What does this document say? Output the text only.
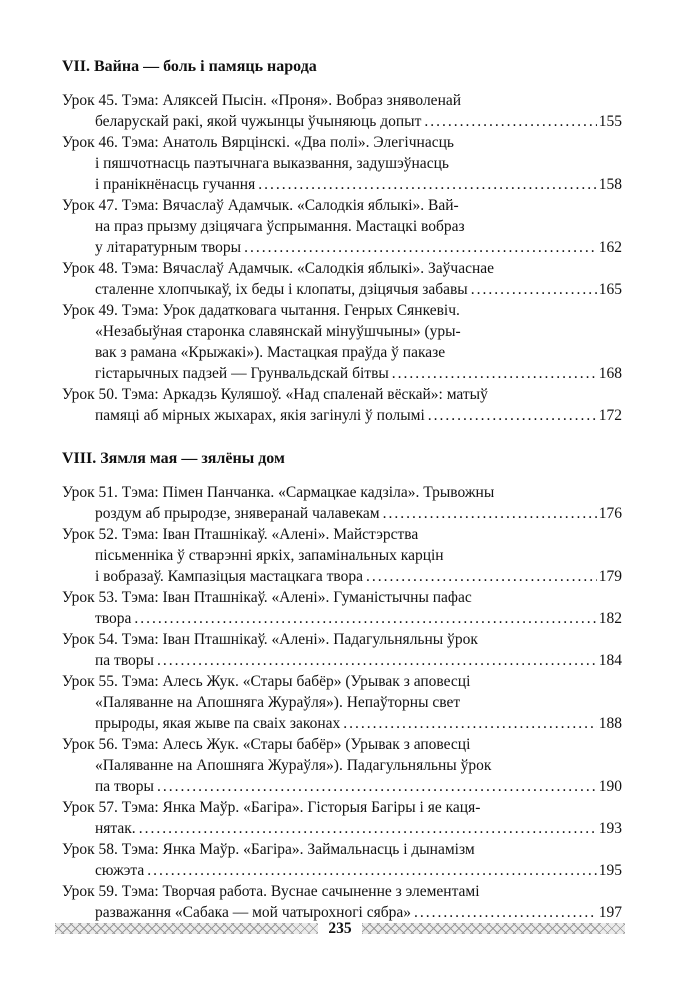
VII. Вайна — боль і памяць народа
Урок 45. Тэма: Аляксей Пысін. «Проня». Вобраз зняволенай
беларускай ракі, якой чужынцы ўчыняюць допыт .....	155
Урок 46. Тэма: Анатоль Вярцінскі. «Два полі». Элегічнасць
і пяшчотнасць паэтычнага выказвання, задушэўнасць
і пранікнёнасць гучання .....	158
Урок 47. Тэма: Вячаслаў Адамчык. «Салодкія яблыкі». Вай-
на праз прызму дзіцячага ўспрымання. Мастацкі вобраз
у літаратурным творы .....	162
Урок 48. Тэма: Вячаслаў Адамчык. «Салодкія яблыкі». Заўчаснае
сталенне хлопчыкаў, іх беды і клопаты, дзіцячыя забавы .....	165
Урок 49. Тэма: Урок дадатковага чытання. Генрых Сянкевіч.
«Незабыўная старонка славянскай мінуўшчыны» (уры-
вак з рамана «Крыжакі»). Мастацкая праўда ў паказе
гістарычных падзей — Грунвальдскай бітвы .....	168
Урок 50. Тэма: Аркадзь Куляшоў. «Над спаленай вёскай»: матыў
памяці аб мірных жыхарах, якія загінулі ў полымі .....	172
VIII. Зямля мая — зялёны дом
Урок 51. Тэма: Пімен Панчанка. «Сармацкае кадзіла». Трывожны
роздум аб прыродзе, зняверанай чалавекам .....	176
Урок 52. Тэма: Іван Пташнікаў. «Алені». Майстэрства
пісьменніка ў стварэнні яркіх, запамінальных карцін
і вобразаў. Кампазіцыя мастацкага твора .....	179
Урок 53. Тэма: Іван Пташнікаў. «Алені». Гуманістычны пафас
твора .....	182
Урок 54. Тэма: Іван Пташнікаў. «Алені». Падагульняльны ўрок
па творы .....	184
Урок 55. Тэма: Алесь Жук. «Стары бабёр» (Урывак з аповесці
«Паляванне на Апошняга Жураўля»). Непаўторны свет
прыроды, якая жыве па сваіх законах .....	188
Урок 56. Тэма: Алесь Жук. «Стары бабёр» (Урывак з аповесці
«Паляванне на Апошняга Жураўля»). Падагульняльны ўрок
па творы .....	190
Урок 57. Тэма: Янка Маўр. «Багіра». Гісторыя Багіры і яе каця-
нятак. .....	193
Урок 58. Тэма: Янка Маўр. «Багіра». Займальнасць і дынамізм
сюжэта .....	195
Урок 59. Тэма: Творчая работа. Вуснае сачыненне з элементамі
разважання «Сабака — мой чатырохногі сябра» .....	197
235
